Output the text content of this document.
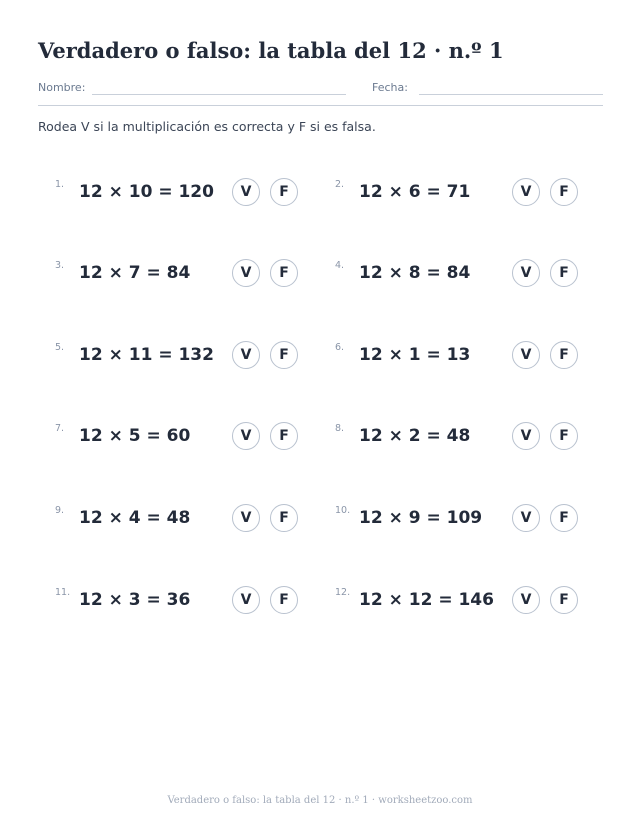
Verdadero o falso: la tabla del 12 · n.º 1
Nombre:	Fecha:
Rodea V si la multiplicación es correcta y F si es falsa.
1. 12 × 10 = 120	V	F	2. 12 × 6 = 71	V	F
3. 12 × 7 = 84	V	F	4. 12 × 8 = 84	V	F
5. 12 × 11 = 132	V	F	6. 12 × 1 = 13	V	F
7. 12 × 5 = 60	V	F	8. 12 × 2 = 48	V	F
9. 12 × 4 = 48	V	F	10. 12 × 9 = 109	V	F
11. 12 × 3 = 36	V	F	12. 12 × 12 = 146	V	F
Verdadero o falso: la tabla del 12 · n.º 1 · worksheetzoo.com
